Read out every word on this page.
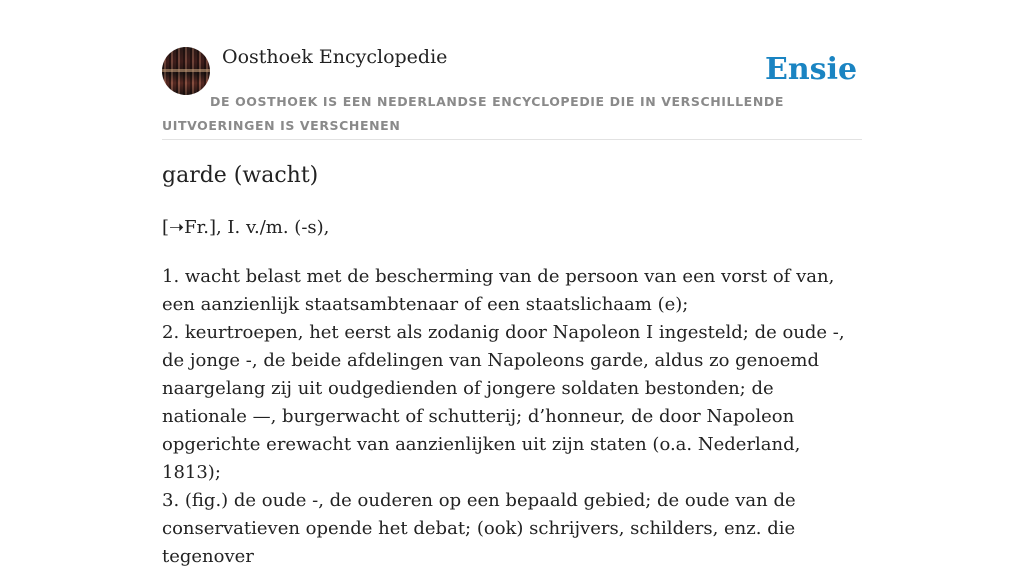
Oosthoek Encyclopedie	Ensie
DE OOSTHOEK IS EEN NEDERLANDSE ENCYCLOPEDIE DIE IN VERSCHILLENDE UITVOERINGEN IS VERSCHENEN
garde (wacht)
[➝Fr.], I. v./m. (-s),

1. wacht belast met de bescherming van de persoon van een vorst of van, een aanzienlijk staatsambtenaar of een staatslichaam (e);
2. keurtroepen, het eerst als zodanig door Napoleon I ingesteld; de oude -, de jonge -, de beide afdelingen van Napoleons garde, aldus zo genoemd naargelang zij uit oudgedienden of jongere soldaten bestonden; de nationale —, burgerwacht of schutterij; d’honneur, de door Napoleon opgerichte erewacht van aanzienlijken uit zijn staten (o.a. Nederland, 1813);
3. (fig.) de oude -, de ouderen op een bepaald gebied; de oude van de conservatieven opende het debat; (ook) schrijvers, schilders, enz. die tegenover
